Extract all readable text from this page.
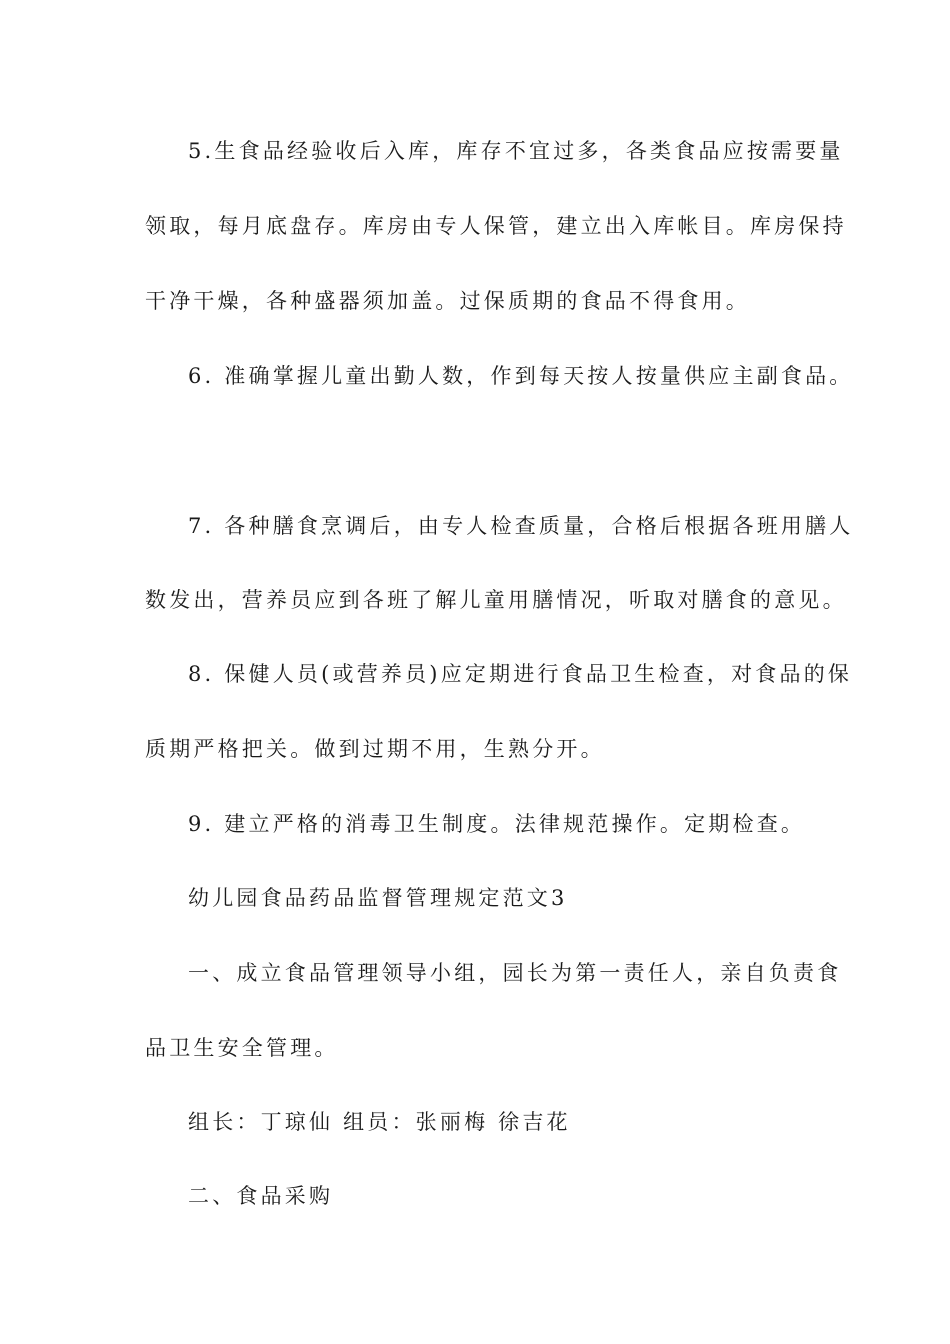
5.生食品经验收后入库，库存不宜过多，各类食品应按需要量
领取，每月底盘存。库房由专人保管，建立出入库帐目。库房保持
干净干燥，各种盛器须加盖。过保质期的食品不得食用。
6. 准确掌握儿童出勤人数，作到每天按人按量供应主副食品。
7. 各种膳食烹调后，由专人检查质量，合格后根据各班用膳人
数发出，营养员应到各班了解儿童用膳情况，听取对膳食的意见。
8. 保健人员(或营养员)应定期进行食品卫生检查，对食品的保
质期严格把关。做到过期不用，生熟分开。
9. 建立严格的消毒卫生制度。法律规范操作。定期检查。
幼儿园食品药品监督管理规定范文3
一、成立食品管理领导小组，园长为第一责任人，亲自负责食
品卫生安全管理。
组长：丁琼仙 组员：张丽梅 徐吉花
二、食品采购
